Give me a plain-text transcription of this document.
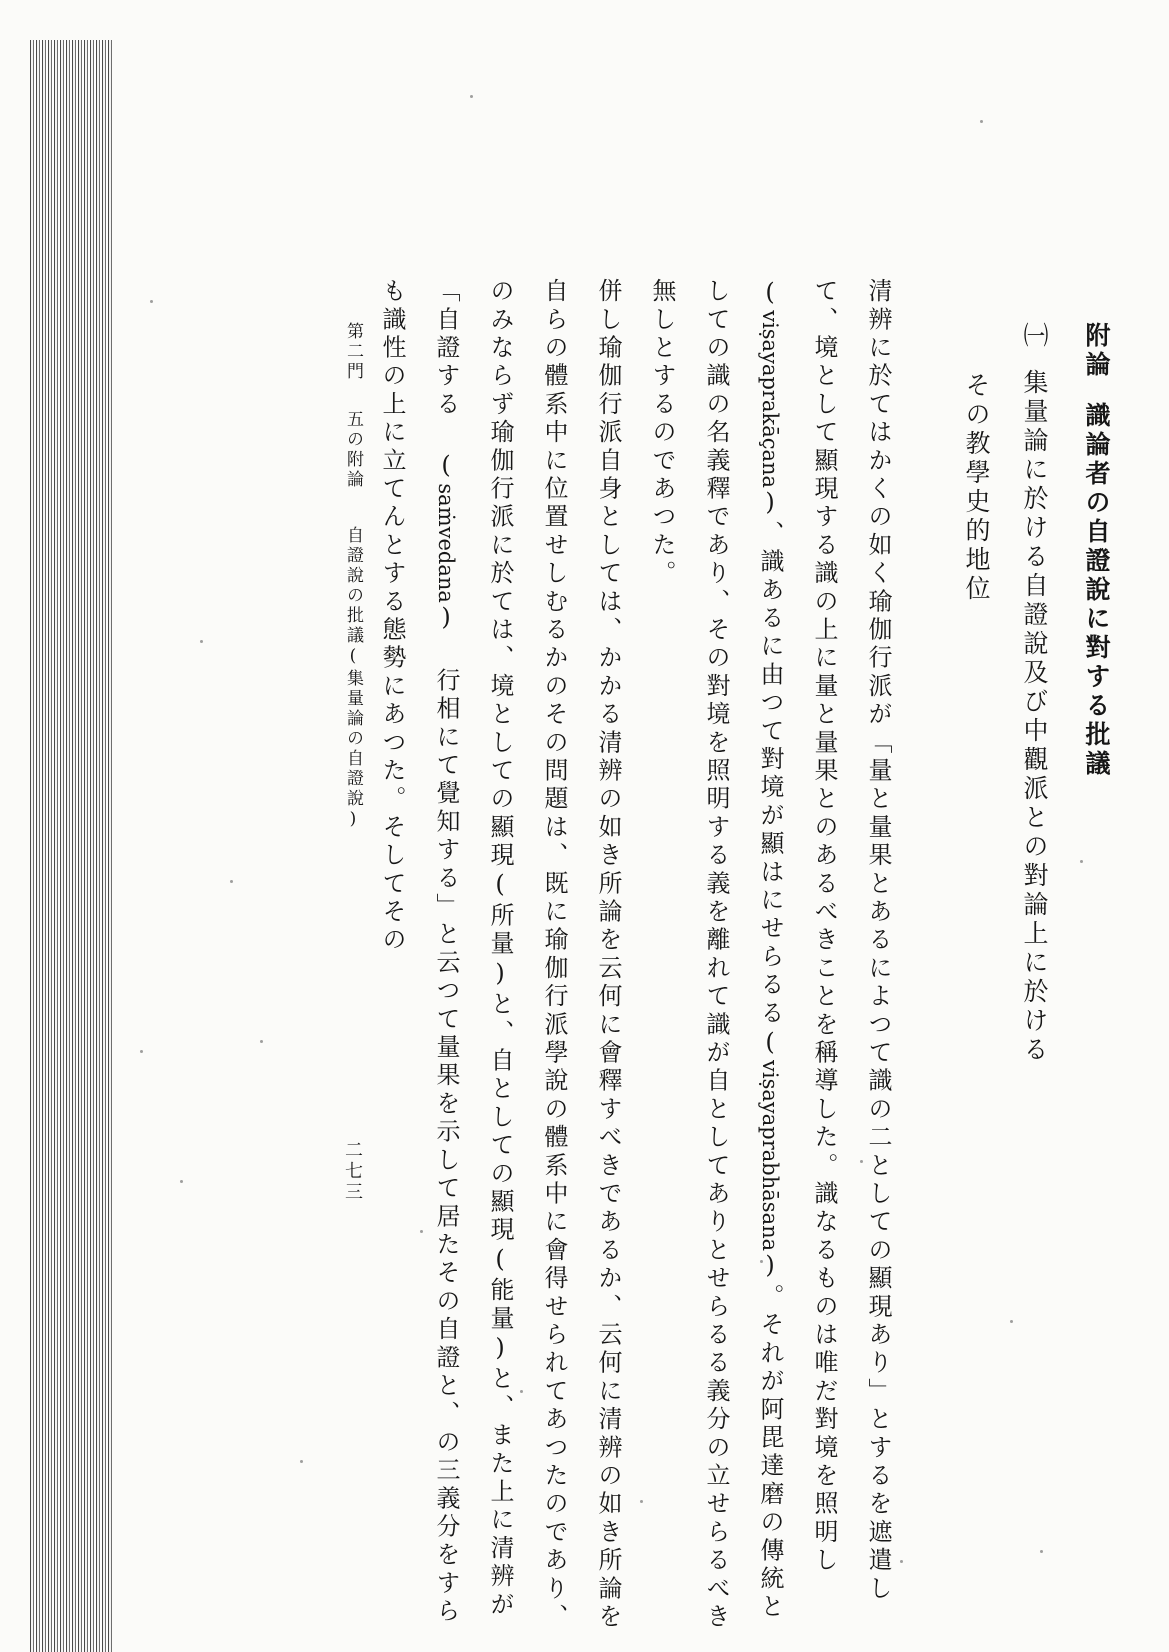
附論識論者の自證說に對する批議
㈠集量論に於ける自證說及び中觀派との對論上に於ける
その教學史的地位

清辨に於てはかくの如く瑜伽行派が「量と量果とあるによつて識の二としての顯現あり」とするを遮遣して、境として顯現する識の上に量と量果とのあるべきことを稱導した。識なるものは唯だ對境を照明し(viṣayaprakāçana)、識あるに由つて對境が顯はにせらるる(viṣayaprabhāsana)。それが阿毘達磨の傳統としての識の名義釋であり、その對境を照明する義を離れて識が自としてありとせらるる義分の立せらるべき無しとするのであつた。

併し瑜伽行派自身としては、かかる清辨の如き所論を云何に會釋すべきであるか、云何に清辨の如き所論を自らの體系中に位置せしむるかのその問題は、既に瑜伽行派學說の體系中に會得せられてあつたのであり、のみならず瑜伽行派に於ては、境としての顯現(所量)と、自としての顯現(能量)と、また上に清辨が「自證する (saṁvedana) 行相にて覺知する」と云つて量果を示して居たその自證と、の三義分をすらも識性の上に立てんとする態勢にあつた。そしてその

第二門五の附論自證說の批議(集量論の自證說)
二七三
